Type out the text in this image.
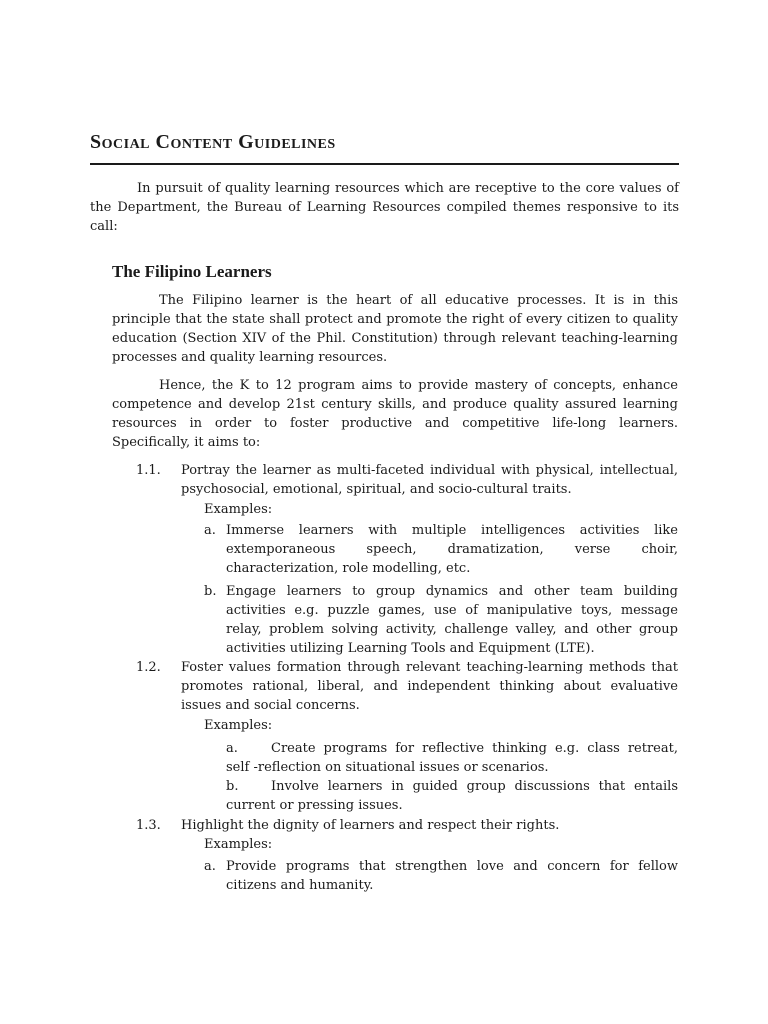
Social Content Guidelines
In pursuit of quality learning resources which are receptive to the core values of the Department, the Bureau of Learning Resources compiled themes responsive to its call:
The Filipino Learners
The Filipino learner is the heart of all educative processes. It is in this principle that the state shall protect and promote the right of every citizen to quality education (Section XIV of the Phil. Constitution) through relevant teaching-learning processes and quality learning resources.
Hence, the K to 12 program aims to provide mastery of concepts, enhance competence and develop 21st century skills, and produce quality assured learning resources in order to foster productive and competitive life-long learners. Specifically, it aims to:
1.1. Portray the learner as multi-faceted individual with physical, intellectual, psychosocial, emotional, spiritual, and socio-cultural traits.
Examples:
a. Immerse learners with multiple intelligences activities like extemporaneous speech, dramatization, verse choir, characterization, role modelling, etc.
b. Engage learners to group dynamics and other team building activities e.g. puzzle games, use of manipulative toys, message relay, problem solving activity, challenge valley, and other group activities utilizing Learning Tools and Equipment (LTE).
1.2. Foster values formation through relevant teaching-learning methods that promotes rational, liberal, and independent thinking about evaluative issues and social concerns.
Examples:
a.	Create programs for reflective thinking e.g. class retreat, self -reflection on situational issues or scenarios.
b.	Involve learners in guided group discussions that entails current or pressing issues.
1.3. Highlight the dignity of learners and respect their rights.
Examples:
a. Provide programs that strengthen love and concern for fellow citizens and humanity.
